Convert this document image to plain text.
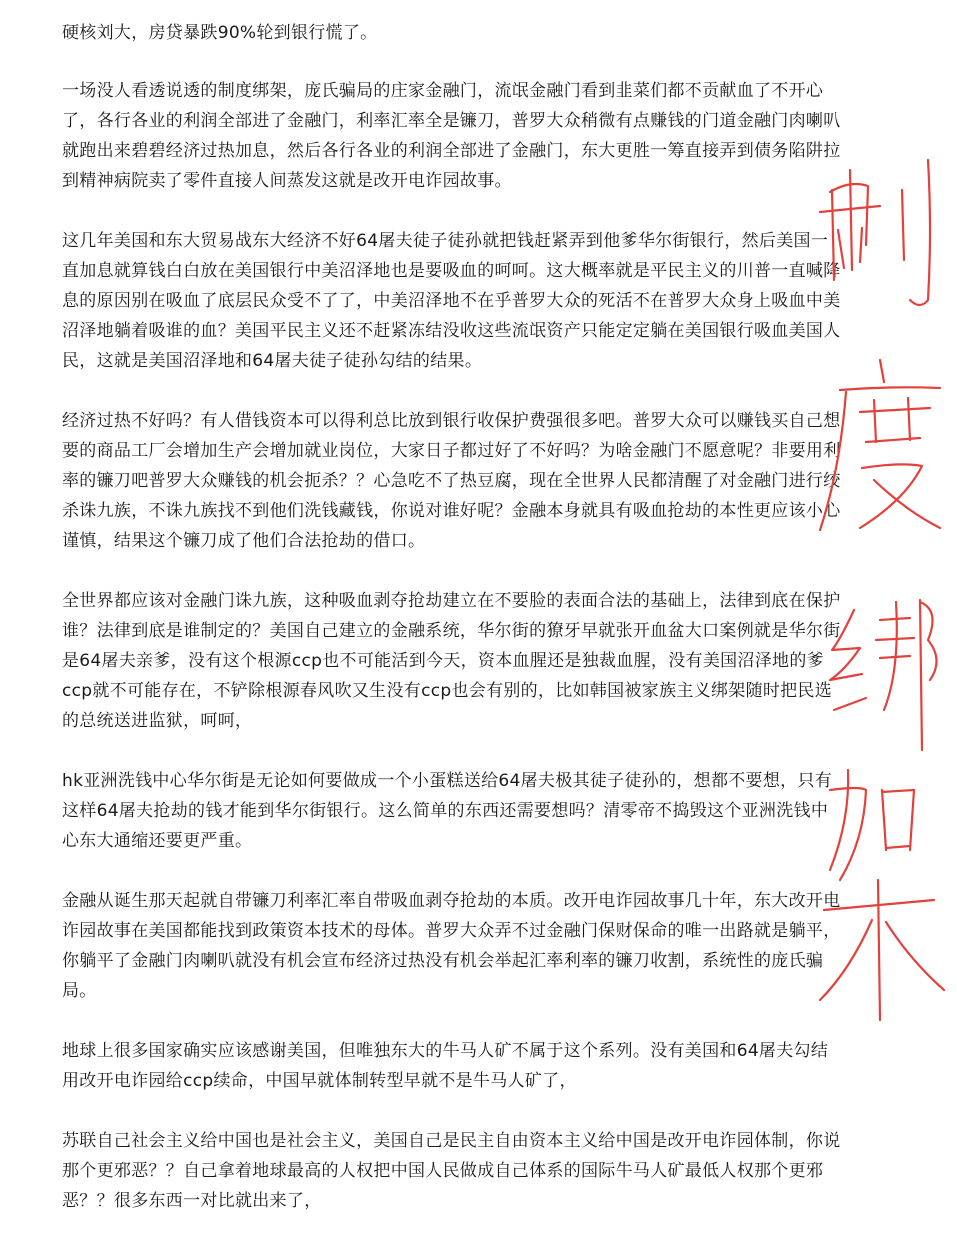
硬核刘大，房贷暴跌90%轮到银行慌了。

一场没人看透说透的制度绑架，庞氏骗局的庄家金融门，流氓金融门看到韭菜们都不贡献血了不开心了，各行各业的利润全部进了金融门，利率汇率全是镰刀，普罗大众稍微有点赚钱的门道金融门肉喇叭就跑出来碧碧经济过热加息，然后各行各业的利润全部进了金融门，东大更胜一筹直接弄到债务陷阱拉到精神病院卖了零件直接人间蒸发这就是改开电诈园故事。

这几年美国和东大贸易战东大经济不好64屠夫徒子徒孙就把钱赶紧弄到他爹华尔街银行，然后美国一直加息就算钱白白放在美国银行中美沼泽地也是要吸血的呵呵。这大概率就是平民主义的川普一直喊降息的原因别在吸血了底层民众受不了了，中美沼泽地不在乎普罗大众的死活不在普罗大众身上吸血中美沼泽地躺着吸谁的血？美国平民主义还不赶紧冻结没收这些流氓资产只能定定躺在美国银行吸血美国人民，这就是美国沼泽地和64屠夫徒子徒孙勾结的结果。

经济过热不好吗？有人借钱资本可以得利总比放到银行收保护费强很多吧。普罗大众可以赚钱买自己想要的商品工厂会增加生产会增加就业岗位，大家日子都过好了不好吗？为啥金融门不愿意呢？非要用利率的镰刀吧普罗大众赚钱的机会扼杀？？心急吃不了热豆腐，现在全世界人民都清醒了对金融门进行绞杀诛九族，不诛九族找不到他们洗钱藏钱，你说对谁好呢？金融本身就具有吸血抢劫的本性更应该小心谨慎，结果这个镰刀成了他们合法抢劫的借口。

全世界都应该对金融门诛九族，这种吸血剥夺抢劫建立在不要脸的表面合法的基础上，法律到底在保护谁？法律到底是谁制定的？美国自己建立的金融系统，华尔街的獠牙早就张开血盆大口案例就是华尔街是64屠夫亲爹，没有这个根源ccp也不可能活到今天，资本血腥还是独裁血腥，没有美国沼泽地的爹ccp就不可能存在，不铲除根源春风吹又生没有ccp也会有别的，比如韩国被家族主义绑架随时把民选的总统送进监狱，呵呵，

hk亚洲洗钱中心华尔街是无论如何要做成一个小蛋糕送给64屠夫极其徒子徒孙的，想都不要想，只有这样64屠夫抢劫的钱才能到华尔街银行。这么简单的东西还需要想吗？清零帝不捣毁这个亚洲洗钱中心东大通缩还要更严重。

金融从诞生那天起就自带镰刀利率汇率自带吸血剥夺抢劫的本质。改开电诈园故事几十年，东大改开电诈园故事在美国都能找到政策资本技术的母体。普罗大众弄不过金融门保财保命的唯一出路就是躺平，你躺平了金融门肉喇叭就没有机会宣布经济过热没有机会举起汇率利率的镰刀收割，系统性的庞氏骗局。

地球上很多国家确实应该感谢美国，但唯独东大的牛马人矿不属于这个系列。没有美国和64屠夫勾结用改开电诈园给ccp续命，中国早就体制转型早就不是牛马人矿了，

苏联自己社会主义给中国也是社会主义，美国自己是民主自由资本主义给中国是改开电诈园体制，你说那个更邪恶？？自己拿着地球最高的人权把中国人民做成自己体系的国际牛马人矿最低人权那个更邪恶？？很多东西一对比就出来了，
